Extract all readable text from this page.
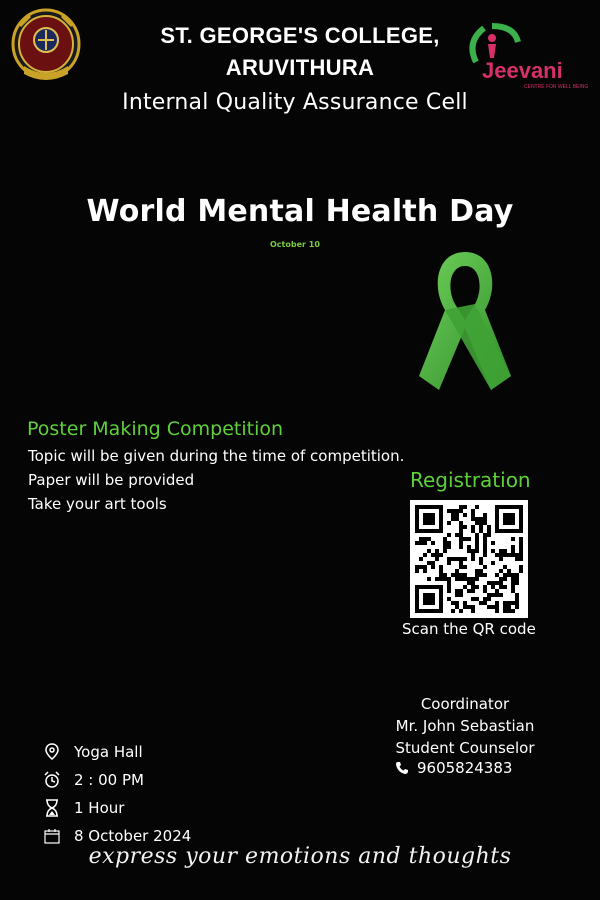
Jeevani
CENTRE FOR WELL BEING
ST. GEORGE'S COLLEGE,
ARUVITHURA
Internal Quality Assurance Cell
World Mental Health Day
October 10
Poster Making Competition
Topic will be given during the time of competition.
Paper will be provided
Take your art tools
Registration
Scan the QR code
Coordinator
Mr. John Sebastian
Student Counselor
9605824383
Yoga Hall
2 : 00 PM
1 Hour
8 October 2024
express your emotions and thoughts
